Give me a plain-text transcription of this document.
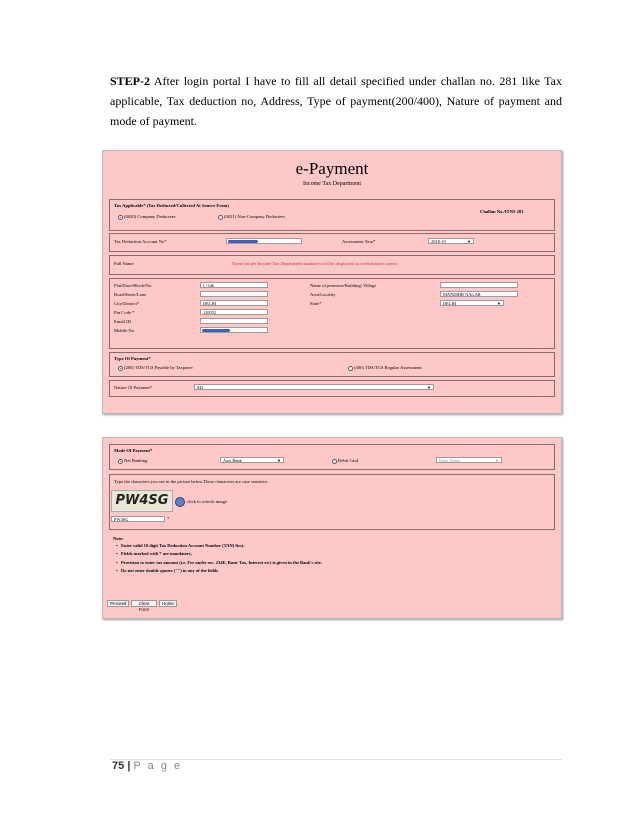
STEP-2 After login portal I have to fill all detail specified under challan no. 281 like Tax applicable, Tax deduction no, Address, Type of payment(200/400), Nature of payment and mode of payment.
e-Payment
Income Tax Department
Tax Applicable* (Tax Deducted/Collected At Source From)
(0020) Company Deductees	(0021) Non-Company Deductees
Challan No./ITNS 281
Tax Deduction Account No*	Assessment Year*	2018-19	▼
Full Name	Name (as per Income Tax Department database) will be displayed on confirmation screen.
Flat/Door/Block/No.	C-346	Name of premises/Building/ Village
Road/Street/Lane	Area/Locality	MANDHIR NAGAR
City/District*	DELHI	State*	DELHI	▼
Pin Code *	110052
Email ID
Mobile No.
Type Of Payment*
(200) TDS/TCS Payable by Taxpayer	(400) TDS/TCS Regular Assessment
Nature Of Payment*	94I	▼
Mode Of Payment*
Net Banking	Axis Bank	▼	Debit Card	Bank Name	▼
Type the characters you see in the picture below.These characters are case sensitive.
PW4SG	click to refresh image
PW4SG	*
Note:
• Enter valid 10 digit Tax Deduction Account Number (TAN) first.
• Fields marked with * are mandatory.
• Provision to enter tax amount (i.e. Fee under sec. 234E, Basic Tax, Interest etc) is given in the Bank's site.
• Do not enter double quotes ("") in any of the fields
Proceed	Clear Form
Home
75 | P a g e
